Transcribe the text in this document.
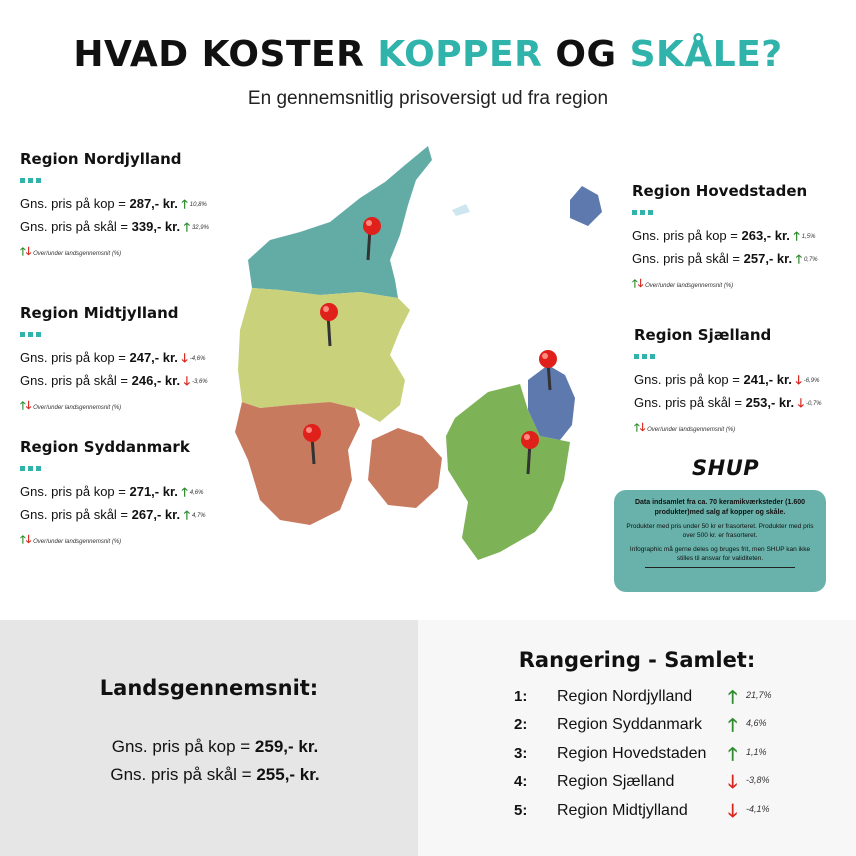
HVAD KOSTER KOPPER OG SKÅLE?
En gennemsnitlig prisoversigt ud fra region
Region Nordjylland
Gns. pris på kop = 287,- kr. 🡑 10,8%
Gns. pris på skål = 339,- kr. 🡑 32,9%
🡑🡓 Over/under landsgennemsnit (%)
Region Midtjylland
Gns. pris på kop = 247,- kr. 🡓 -4,6%
Gns. pris på skål = 246,- kr. 🡓 -3,6%
🡑🡓 Over/under landsgennemsnit (%)
Region Syddanmark
Gns. pris på kop = 271,- kr. 🡑 4,6%
Gns. pris på skål = 267,- kr. 🡑 4,7%
🡑🡓 Over/under landsgennemsnit (%)
Region Hovedstaden
Gns. pris på kop = 263,- kr. 🡑 1,5%
Gns. pris på skål = 257,- kr. 🡑 0,7%
🡑🡓 Over/under landsgennemsnit (%)
Region Sjælland
Gns. pris på kop = 241,- kr. 🡓 -6,9%
Gns. pris på skål = 253,- kr. 🡓 -0,7%
🡑🡓 Over/under landsgennemsnit (%)
SHUP
Data indsamlet fra ca. 70 keramikværksteder (1.600 produkter)med salg af kopper og skåle.
Produkter med pris under 50 kr er frasorteret. Produkter med pris over 500 kr. er frasorteret.
Infographic må gerne deles og bruges frit, men SHUP kan ikke stilles til ansvar for validiteten.
Landsgennemsnit:
Gns. pris på kop = 259,- kr.
Gns. pris på skål = 255,- kr.
Rangering - Samlet:
1: Region Nordjylland 🡑 21,7%
2: Region Syddanmark 🡑 4,6%
3: Region Hovedstaden 🡑 1,1%
4: Region Sjælland	🡓 -3,8%
5: Region Midtjylland 🡓 -4,1%
